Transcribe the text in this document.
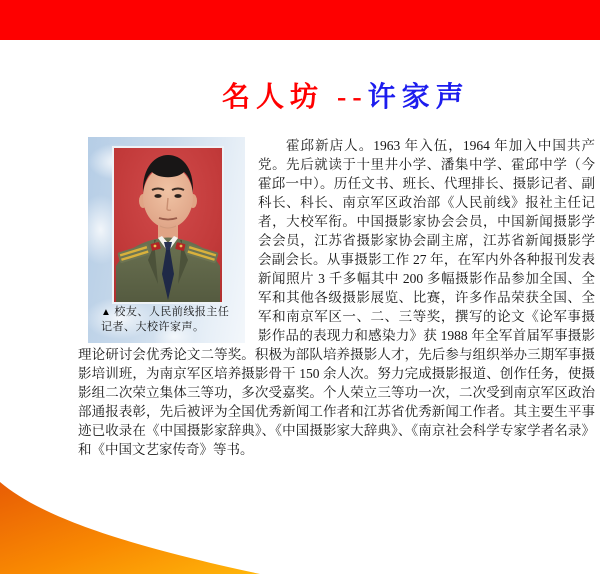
名人坊 --许家声
▲ 校友、人民前线报主任
记者、大校许家声。

霍邱新店人。1963 年入伍，1964 年加入中国共产党。先后就读于十里井小学、潘集中学、霍邱中学（今霍邱一中）。历任文书、班长、代理排长、摄影记者、副科长、科长、南京军区政治部《人民前线》报社主任记者，大校军衔。中国摄影家协会会员，中国新闻摄影学会会员，江苏省摄影家协会副主席，江苏省新闻摄影学会副会长。从事摄影工作 27 年，在军内外各种报刊发表新闻照片 3 千多幅其中 200 多幅摄影作品参加全国、全军和其他各级摄影展览、比赛，许多作品荣获全国、全军和南京军区一、二、三等奖，撰写的论文《论军事摄影作品的表现力和感染力》获 1988 年全军首届军事摄影理论研讨会优秀论文二等奖。积极为部队培养摄影人才，先后参与组织举办三期军事摄影培训班，为南京军区培养摄影骨干 150 余人次。努力完成摄影报道、创作任务，使摄影组二次荣立集体三等功，多次受嘉奖。个人荣立三等功一次，二次受到南京军区政治部通报表彰，先后被评为全国优秀新闻工作者和江苏省优秀新闻工作者。其主要生平事迹已收录在《中国摄影家辞典》、《中国摄影家大辞典》、《南京社会科学专家学者名录》和《中国文艺家传奇》等书。
